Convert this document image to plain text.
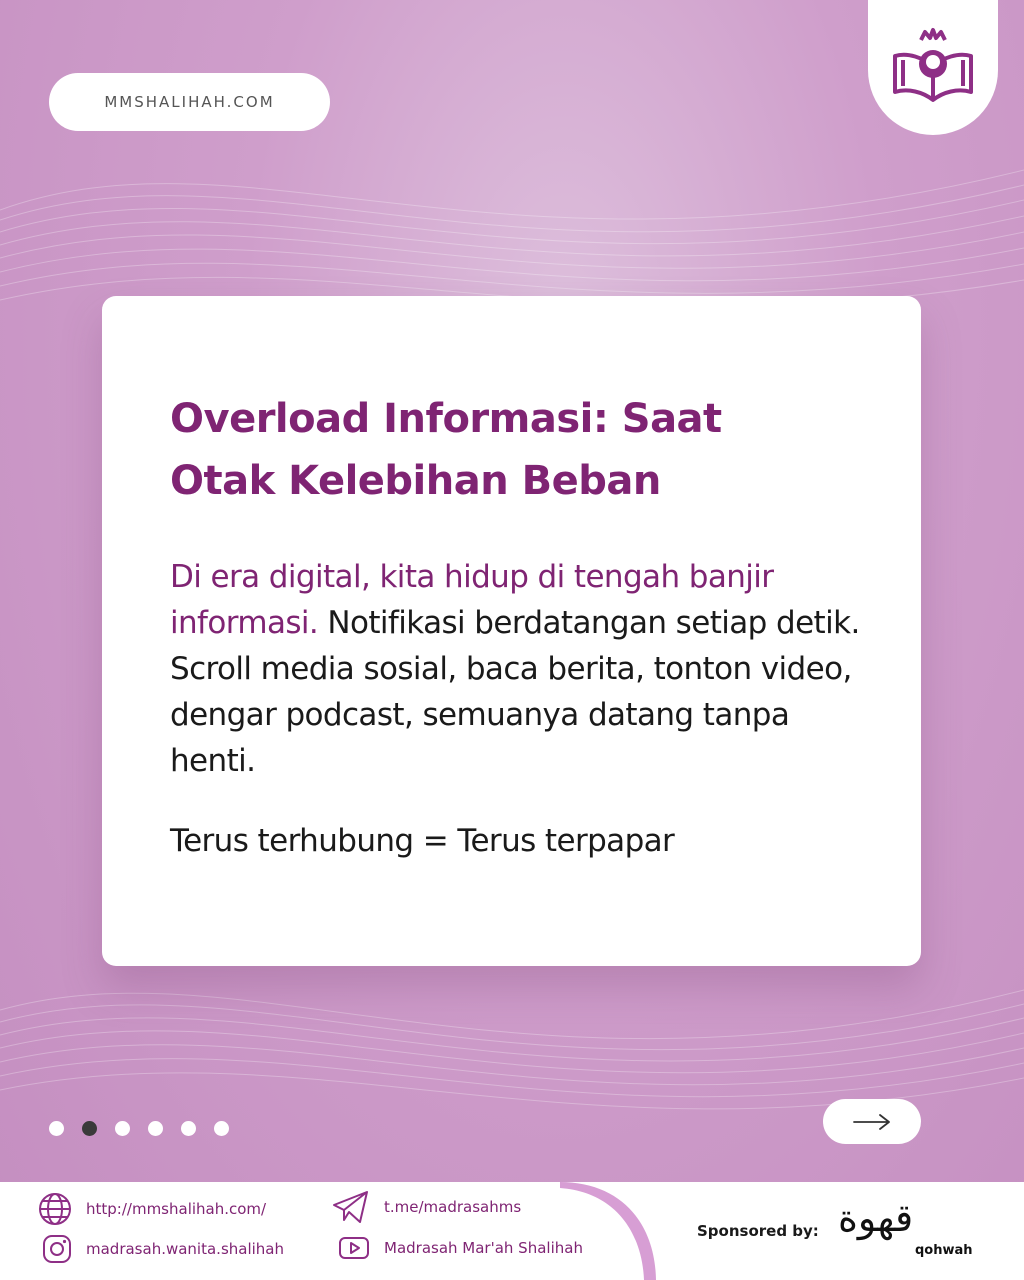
MMSHALIHAH.COM
Overload Informasi: Saat Otak Kelebihan Beban

Di era digital, kita hidup di tengah banjir informasi. Notifikasi berdatangan setiap detik. Scroll media sosial, baca berita, tonton video, dengar podcast, semuanya datang tanpa henti.

Terus terhubung = Terus terpapar

http://mmshalihah.com/
madrasah.wanita.shalihah
t.me/madrasahms
Madrasah Mar'ah Shalihah
Sponsored by: قهوة
qohwah
